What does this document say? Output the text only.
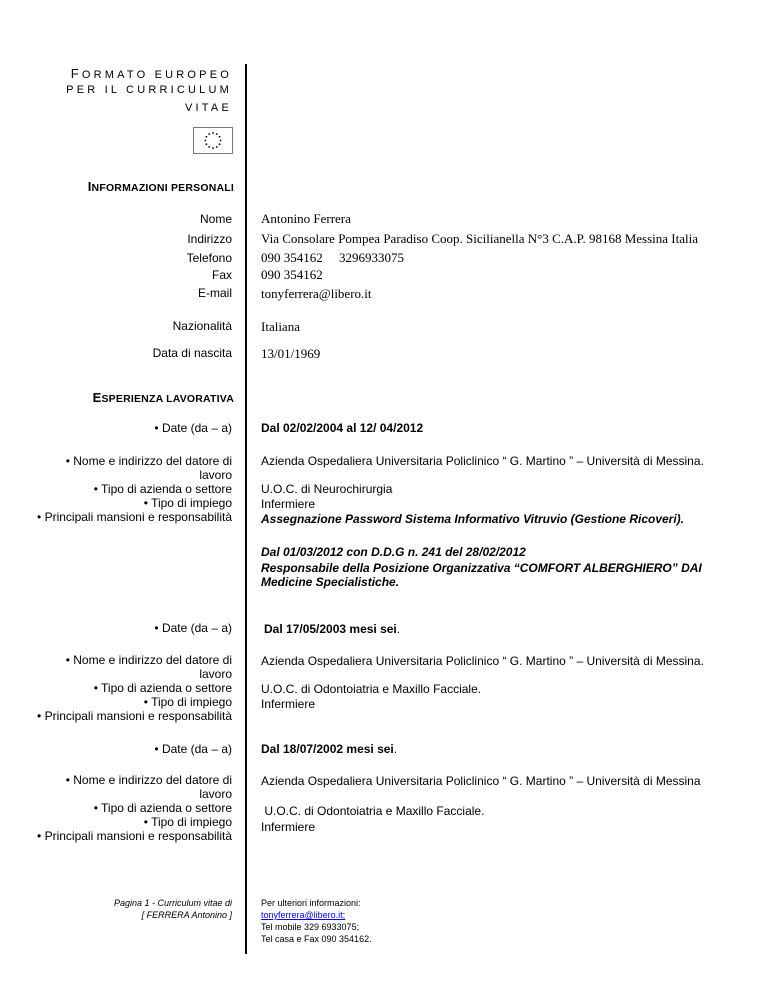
FORMATO EUROPEO
PER IL CURRICULUM
VITAE
INFORMAZIONI PERSONALI
Nome Antonino Ferrera
Indirizzo Via Consolare Pompea Paradiso Coop. Sicilianella N°3 C.A.P. 98168 Messina Italia
Telefono 090 354162     3296933075
Fax 090 354162
E-mail tonyferrera@libero.it
Nazionalità Italiana
Data di nascita 13/01/1969
ESPERIENZA LAVORATIVA
• Date (da – a) Dal 02/02/2004 al 12/ 04/2012
• Nome e indirizzo del datore di
lavoro
• Tipo di azienda o settore
• Tipo di impiego
• Principali mansioni e responsabilità
Azienda Ospedaliera Universitaria Policlinico “ G. Martino ” – Università di Messina.
U.O.C. di Neurochirurgia
Infermiere
Assegnazione Password Sistema Informativo Vitruvio (Gestione Ricoveri).
Dal 01/03/2012 con D.D.G n. 241 del 28/02/2012
Responsabile della Posizione Organizzativa “COMFORT ALBERGHIERO” DAI Medicine Specialistiche.
• Date (da – a)	Dal 17/05/2003 mesi sei.
• Nome e indirizzo del datore di
lavoro
• Tipo di azienda o settore
• Tipo di impiego
• Principali mansioni e responsabilità
Azienda Ospedaliera Universitaria Policlinico “ G. Martino ” – Università di Messina.
U.O.C. di Odontoiatria e Maxillo Facciale.
Infermiere
• Date (da – a) Dal 18/07/2002 mesi sei.
• Nome e indirizzo del datore di
lavoro
• Tipo di azienda o settore
• Tipo di impiego
• Principali mansioni e responsabilità
Azienda Ospedaliera Universitaria Policlinico “ G. Martino ” – Università di Messina
U.O.C. di Odontoiatria e Maxillo Facciale.
Infermiere
Pagina 1 - Curriculum vitae di
[ FERRERA Antonino ]
Per ulteriori informazioni:
tonyferrera@libero.it;
Tel mobile 329 6933075;
Tel casa e Fax 090 354162.
